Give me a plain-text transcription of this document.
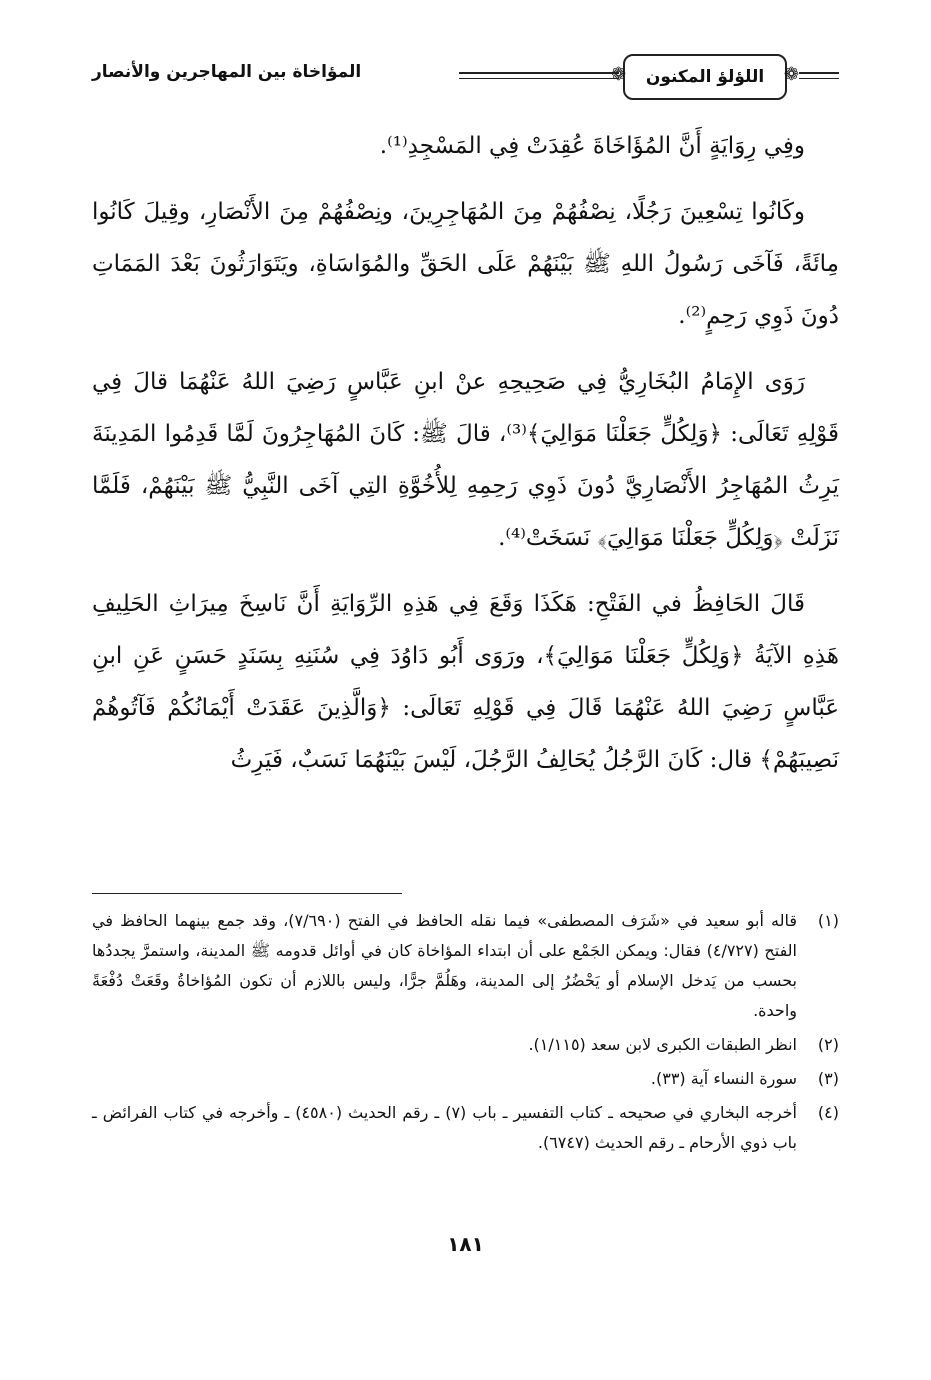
❁
اللؤلؤ المكنون
❁
المؤاخاة بين المهاجرين والأنصار

وفِي رِوَايَةٍ أَنَّ المُؤَاخَاةَ عُقِدَتْ فِي المَسْجِدِ⁽¹⁾.

وكَانُوا تِسْعِينَ رَجُلًا، نِصْفُهُمْ مِنَ المُهَاجِرِينَ، ونِصْفُهُمْ مِنَ الأَنْصَارِ، وقِيلَ كَانُوا مِائَةً، فَآخَى رَسُولُ اللهِ ﷺ بَيْنَهُمْ عَلَى الحَقِّ والمُوَاسَاةِ، ويَتَوَارَثُونَ بَعْدَ المَمَاتِ دُونَ ذَوِي رَحِمٍ⁽²⁾.

رَوَى الإِمَامُ البُخَارِيُّ فِي صَحِيحِهِ عنْ ابنِ عَبَّاسٍ رَضِيَ اللهُ عَنْهُمَا قالَ فِي قَوْلِهِ تَعَالَى: ﴿وَلِكُلٍّ جَعَلْنَا مَوَالِيَ﴾⁽³⁾، قالَ ﷺ: كَانَ المُهَاجِرُونَ لَمَّا قَدِمُوا المَدِينَةَ يَرِثُ المُهَاجِرُ الأَنْصَارِيَّ دُونَ ذَوِي رَحِمِهِ لِلأُخُوَّةِ التِي آخَى النَّبِيُّ ﷺ بَيْنَهُمْ، فَلَمَّا نَزَلَتْ ﴿وَلِكُلٍّ جَعَلْنَا مَوَالِيَ﴾ نَسَخَتْ⁽⁴⁾.

قَالَ الحَافِظُ في الفَتْحِ: هَكَذَا وَقَعَ فِي هَذِهِ الرِّوَايَةِ أَنَّ نَاسِخَ مِيرَاثِ الحَلِيفِ هَذِهِ الآيَةُ ﴿وَلِكُلٍّ جَعَلْنَا مَوَالِيَ﴾، ورَوَى أَبُو دَاوُدَ فِي سُنَنِهِ بِسَنَدٍ حَسَنٍ عَنِ ابنِ عَبَّاسٍ رَضِيَ اللهُ عَنْهُمَا قَالَ فِي قَوْلِهِ تَعَالَى: ﴿وَالَّذِينَ عَقَدَتْ أَيْمَانُكُمْ فَآتُوهُمْ نَصِيبَهُمْ﴾ قال: كَانَ الرَّجُلُ يُحَالِفُ الرَّجُلَ، لَيْسَ بَيْنَهُمَا نَسَبٌ، فَيَرِثُ

(١)
قاله أبو سعيد في «شَرَف المصطفى» فيما نقله الحافظ في الفتح (٧/٦٩٠)، وقد جمع بينهما الحافظ في الفتح (٤/٧٢٧) فقال: ويمكن الجَمْع على أن ابتداء المؤاخاة كان في أوائل قدومه ﷺ المدينة، واستمرَّ يجددُها بحسب من يَدخل الإسلام أو يَحْضُرُ إلى المدينة، وهَلُمَّ جرًّا، وليس باللازم أن تكون المُؤاخاةُ وقَعَتْ دُفْعَةً واحدة.
(٢)
انظر الطبقات الكبرى لابن سعد (١/١١٥).
(٣)
سورة النساء آية (٣٣).
(٤)
أخرجه البخاري في صحيحه ـ كتاب التفسير ـ باب (٧) ـ رقم الحديث (٤٥٨٠) ـ وأخرجه في كتاب الفرائض ـ باب ذوي الأرحام ـ رقم الحديث (٦٧٤٧).
١٨١
